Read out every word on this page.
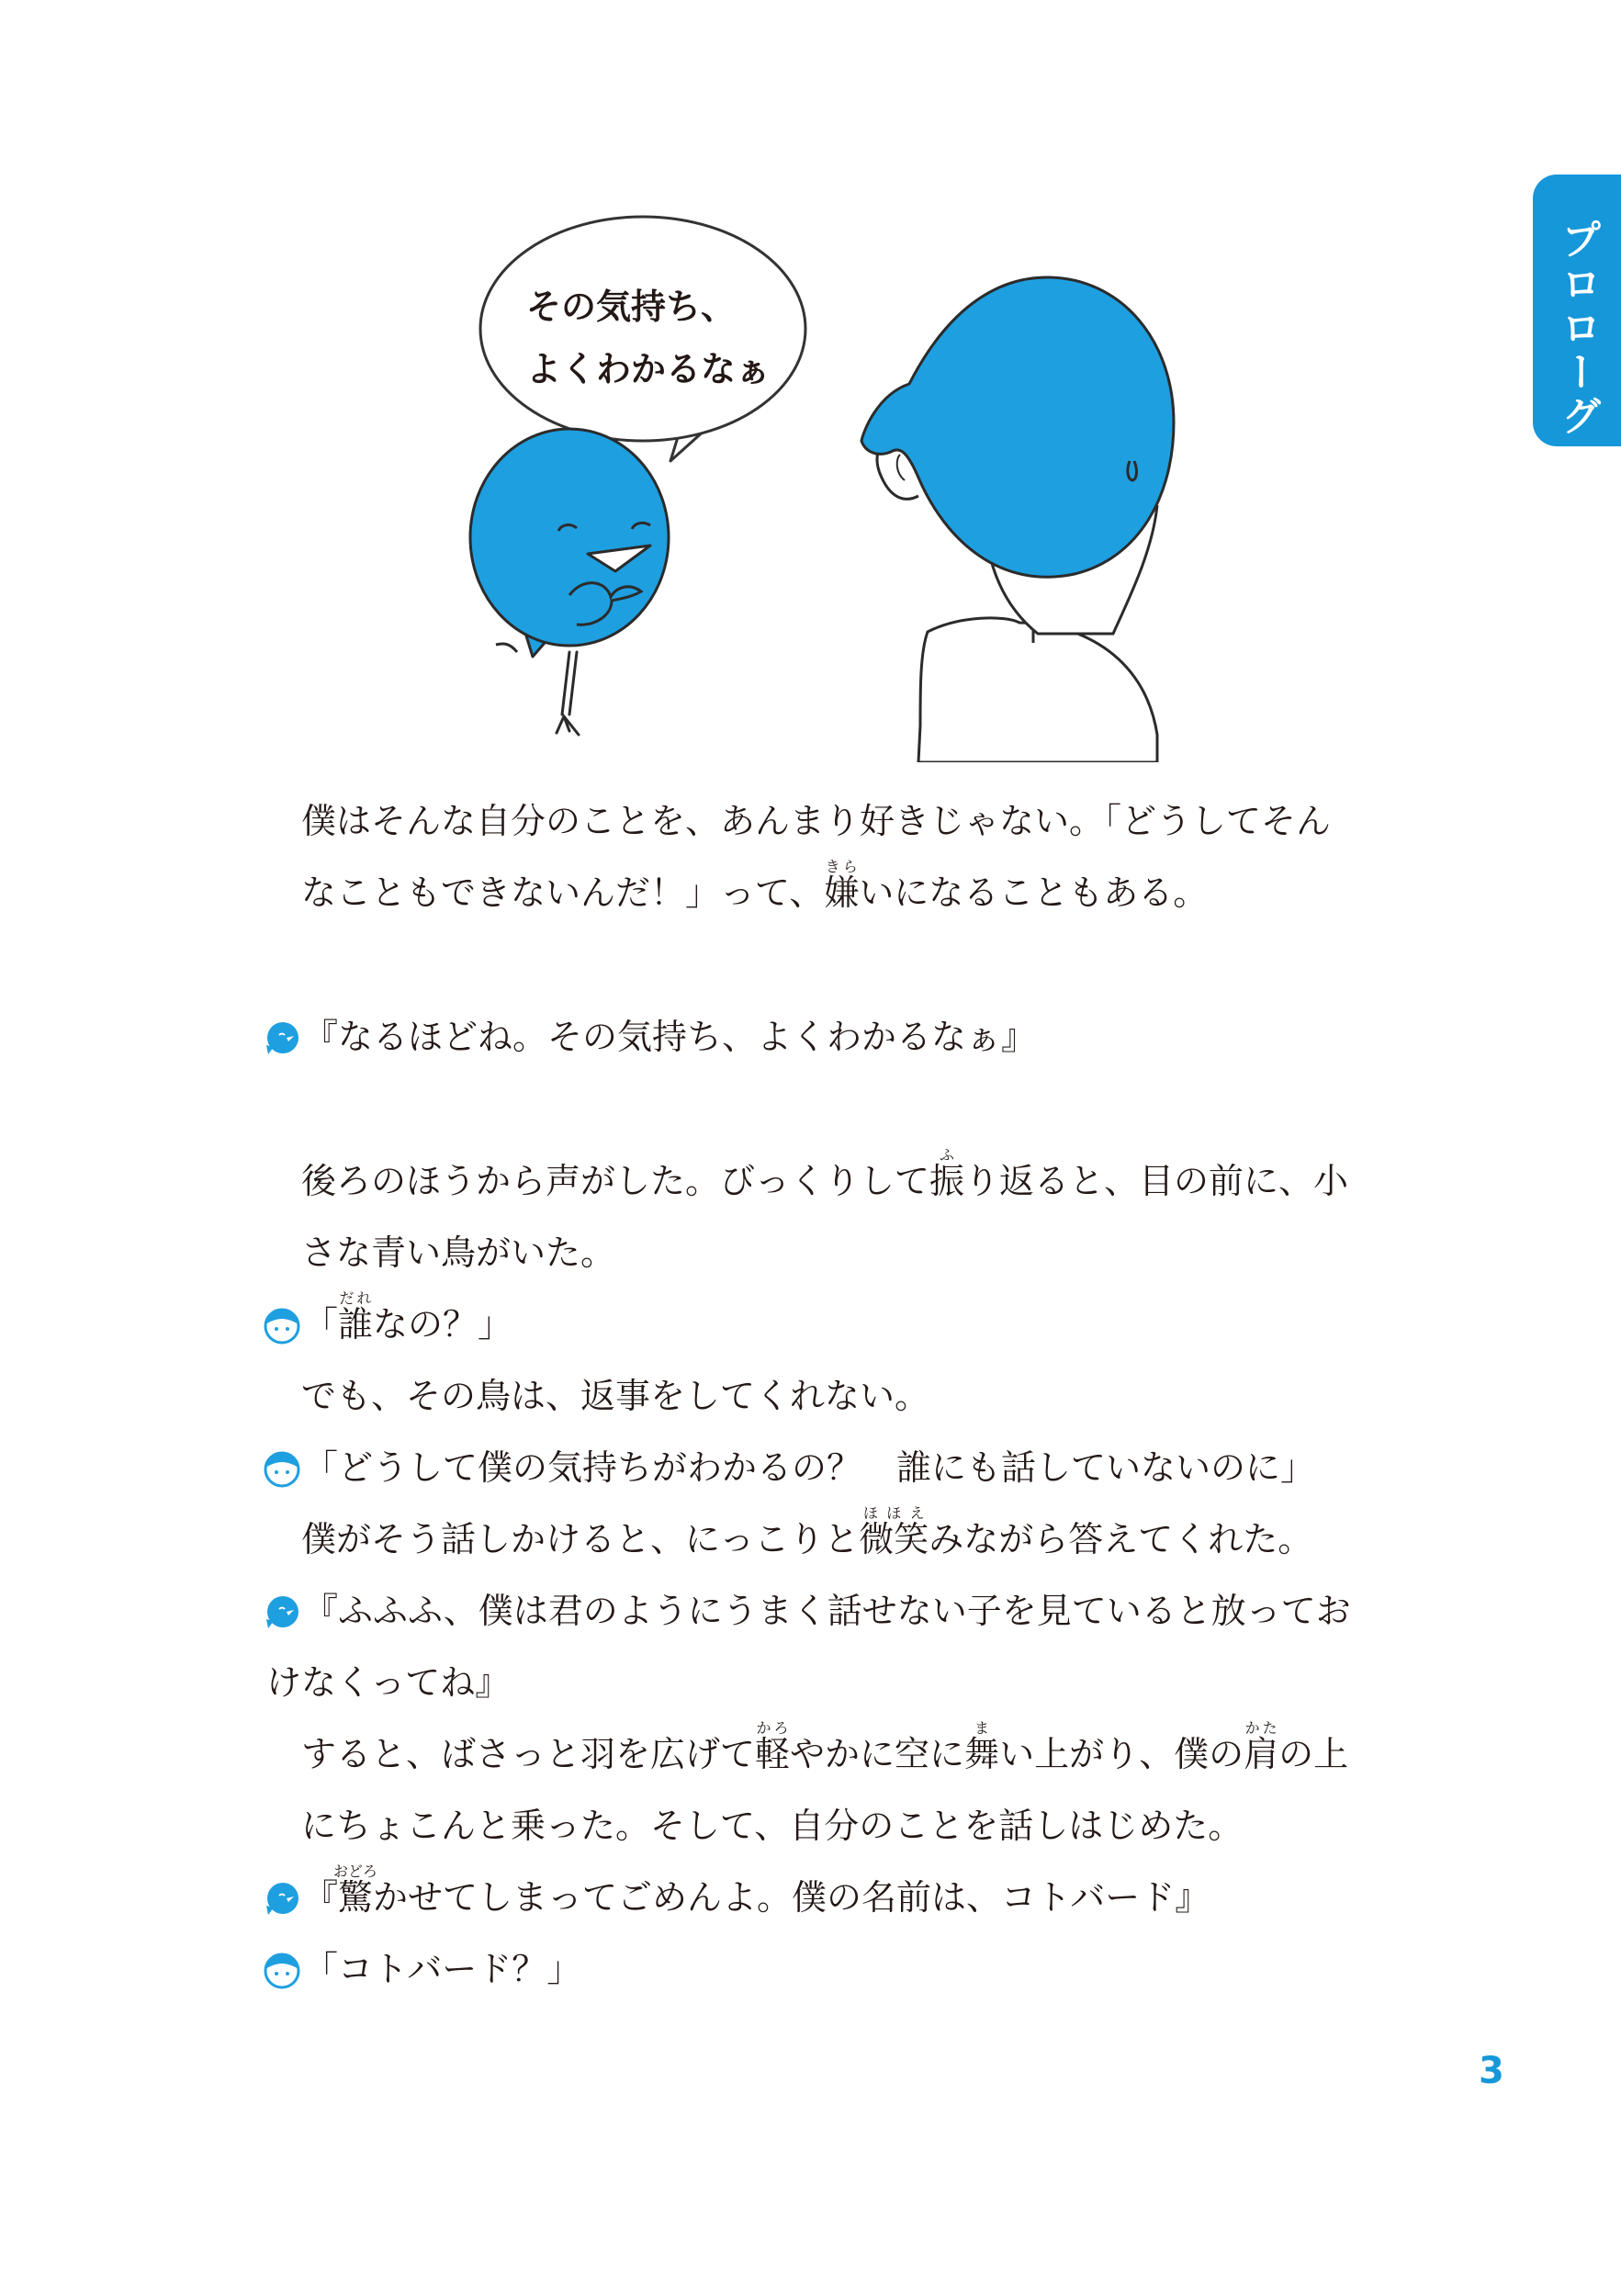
プロローグ
その気持ち、
よくわかるなぁ

僕はそんな自分のことを、あんまり好きじゃない。「どうしてそん
なこともできないんだ！」って、嫌きらいになることもある。

『なるほどね。その気持ち、よくわかるなぁ』

後ろのほうから声がした。びっくりして振ふり返ると、目の前に、小
さな青い鳥がいた。

「誰だれなの？」

でも、その鳥は、返事をしてくれない。

「どうして僕の気持ちがわかるの？　誰にも話していないのに」

僕がそう話しかけると、にっこりと微笑ほほえみながら答えてくれた。

『ふふふ、僕は君のようにうまく話せない子を見ていると放ってお

けなくってね』

すると、ばさっと羽を広げて軽かろやかに空に舞まい上がり、僕の肩かたの上
にちょこんと乗った。そして、自分のことを話しはじめた。

『驚おどろかせてしまってごめんよ。僕の名前は、コトバード』

「コトバード？」

3
